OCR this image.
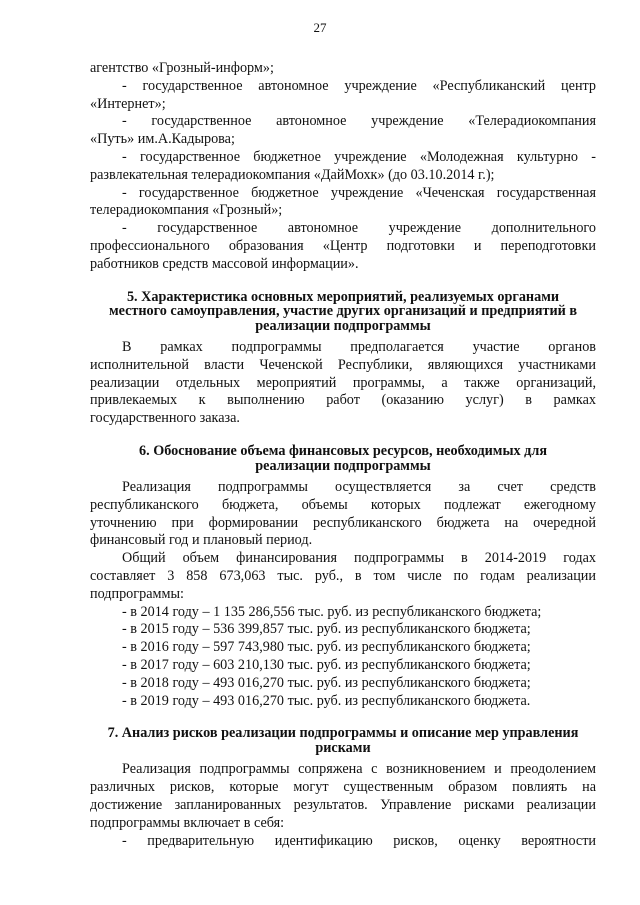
27
агентство «Грозный-информ»;
- государственное автономное учреждение «Республиканский центр
«Интернет»;
- государственное автономное учреждение «Телерадиокомпания
«Путь» им.А.Кадырова;
- государственное бюджетное учреждение «Молодежная культурно -
развлекательная телерадиокомпания «ДайМохк» (до 03.10.2014 г.);
- государственное бюджетное учреждение «Чеченская государственная
телерадиокомпания «Грозный»;
- государственное автономное учреждение дополнительного
профессионального образования «Центр подготовки и переподготовки
работников средств массовой информации».
5. Характеристика основных мероприятий, реализуемых органами
местного самоуправления, участие других организаций и предприятий в
реализации подпрограммы
В рамках подпрограммы предполагается участие органов
исполнительной власти Чеченской Республики, являющихся участниками
реализации отдельных мероприятий программы, а также организаций,
привлекаемых к выполнению работ (оказанию услуг) в рамках
государственного заказа.
6. Обоснование объема финансовых ресурсов, необходимых для
реализации подпрограммы
Реализация подпрограммы осуществляется за счет средств
республиканского бюджета, объемы которых подлежат ежегодному
уточнению при формировании республиканского бюджета на очередной
финансовый год и плановый период.
Общий объем финансирования подпрограммы в 2014-2019 годах
составляет 3 858 673,063 тыс. руб., в том числе по годам реализации
подпрограммы:
- в 2014 году – 1 135 286,556 тыс. руб. из республиканского бюджета;
- в 2015 году – 536 399,857 тыс. руб. из республиканского бюджета;
- в 2016 году – 597 743,980 тыс. руб. из республиканского бюджета;
- в 2017 году – 603 210,130 тыс. руб. из республиканского бюджета;
- в 2018 году – 493 016,270 тыс. руб. из республиканского бюджета;
- в 2019 году – 493 016,270 тыс. руб. из республиканского бюджета.
7. Анализ рисков реализации подпрограммы и описание мер управления
рисками
Реализация подпрограммы сопряжена с возникновением и преодолением
различных рисков, которые могут существенным образом повлиять на
достижение запланированных результатов. Управление рисками реализации
подпрограммы включает в себя:
- предварительную идентификацию рисков, оценку вероятности
